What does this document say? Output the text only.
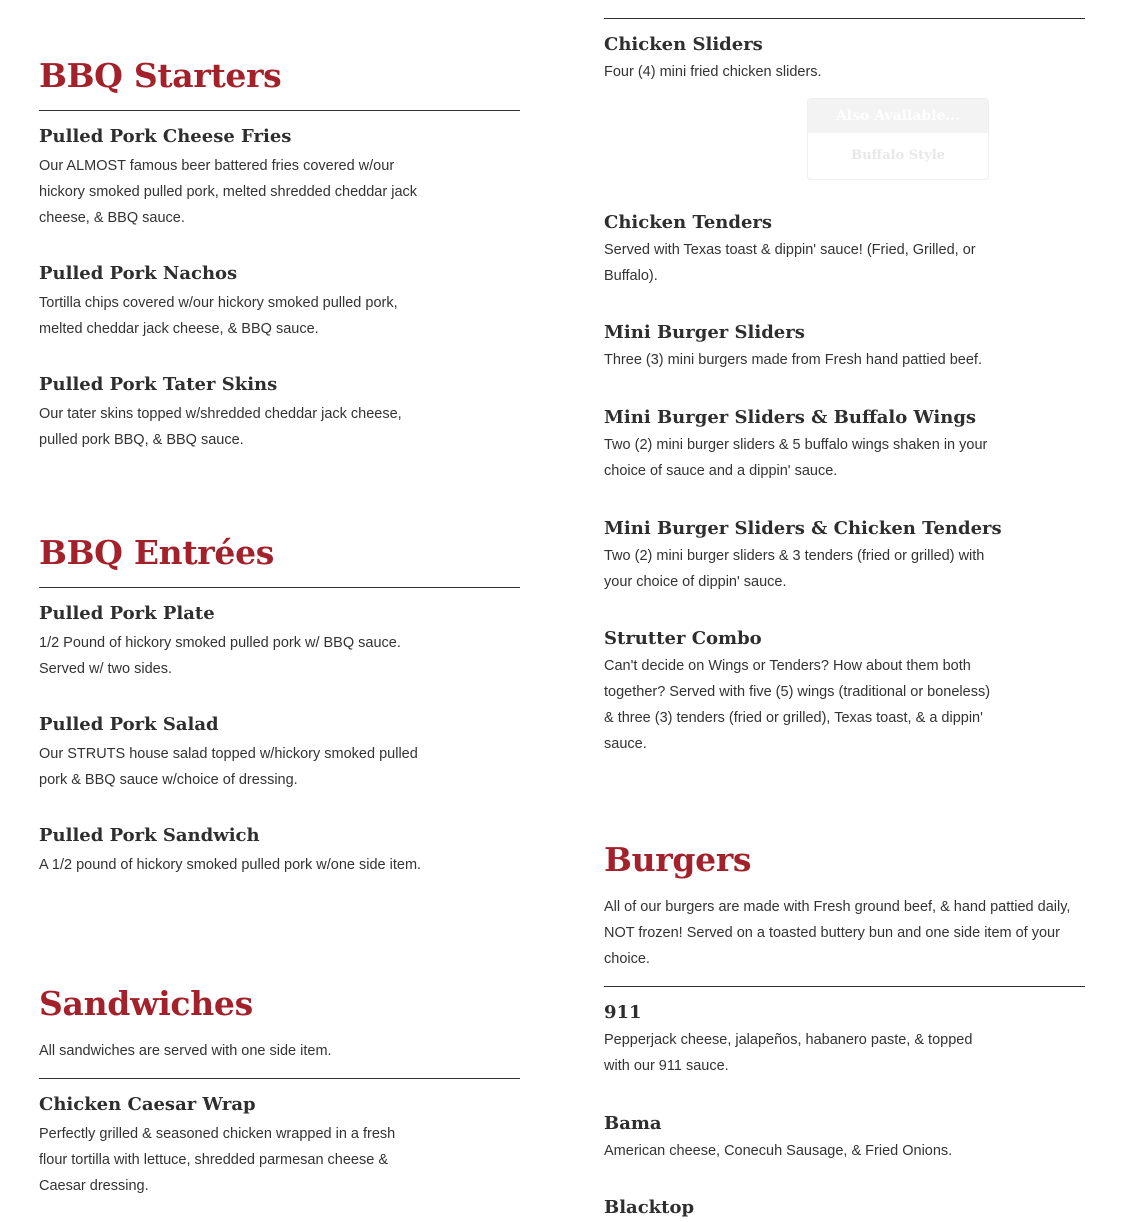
BBQ Starters
Pulled Pork Cheese Fries

Our ALMOST famous beer battered fries covered w/our hickory smoked pulled pork, melted shredded cheddar jack cheese, & BBQ sauce.

Pulled Pork Nachos

Tortilla chips covered w/our hickory smoked pulled pork, melted cheddar jack cheese, & BBQ sauce.

Pulled Pork Tater Skins

Our tater skins topped w/shredded cheddar jack cheese, pulled pork BBQ, & BBQ sauce.

BBQ Entrées
Pulled Pork Plate

1/2 Pound of hickory smoked pulled pork w/ BBQ sauce. Served w/ two sides.

Pulled Pork Salad

Our STRUTS house salad topped w/hickory smoked pulled pork & BBQ sauce w/choice of dressing.

Pulled Pork Sandwich

A 1/2 pound of hickory smoked pulled pork w/one side item.

Sandwiches

All sandwiches are served with one side item.

Chicken Caesar Wrap

Perfectly grilled & seasoned chicken wrapped in a fresh flour tortilla with lettuce, shredded parmesan cheese & Caesar dressing.

Chicken Sliders

Four (4) mini fried chicken sliders.

Also Available...
Buffalo Style
Chicken Tenders

Served with Texas toast & dippin' sauce! (Fried, Grilled, or Buffalo).

Mini Burger Sliders

Three (3) mini burgers made from Fresh hand pattied beef.

Mini Burger Sliders & Buffalo Wings

Two (2) mini burger sliders & 5 buffalo wings shaken in your choice of sauce and a dippin' sauce.

Mini Burger Sliders & Chicken Tenders

Two (2) mini burger sliders & 3 tenders (fried or grilled) with your choice of dippin' sauce.

Strutter Combo

Can't decide on Wings or Tenders? How about them both together? Served with five (5) wings (traditional or boneless) & three (3) tenders (fried or grilled), Texas toast, & a dippin' sauce.

Burgers

All of our burgers are made with Fresh ground beef, & hand pattied daily, NOT frozen! Served on a toasted buttery bun and one side item of your choice.

911

Pepperjack cheese, jalapeños, habanero paste, & topped with our 911 sauce.

Bama

American cheese, Conecuh Sausage, & Fried Onions.

Blacktop
